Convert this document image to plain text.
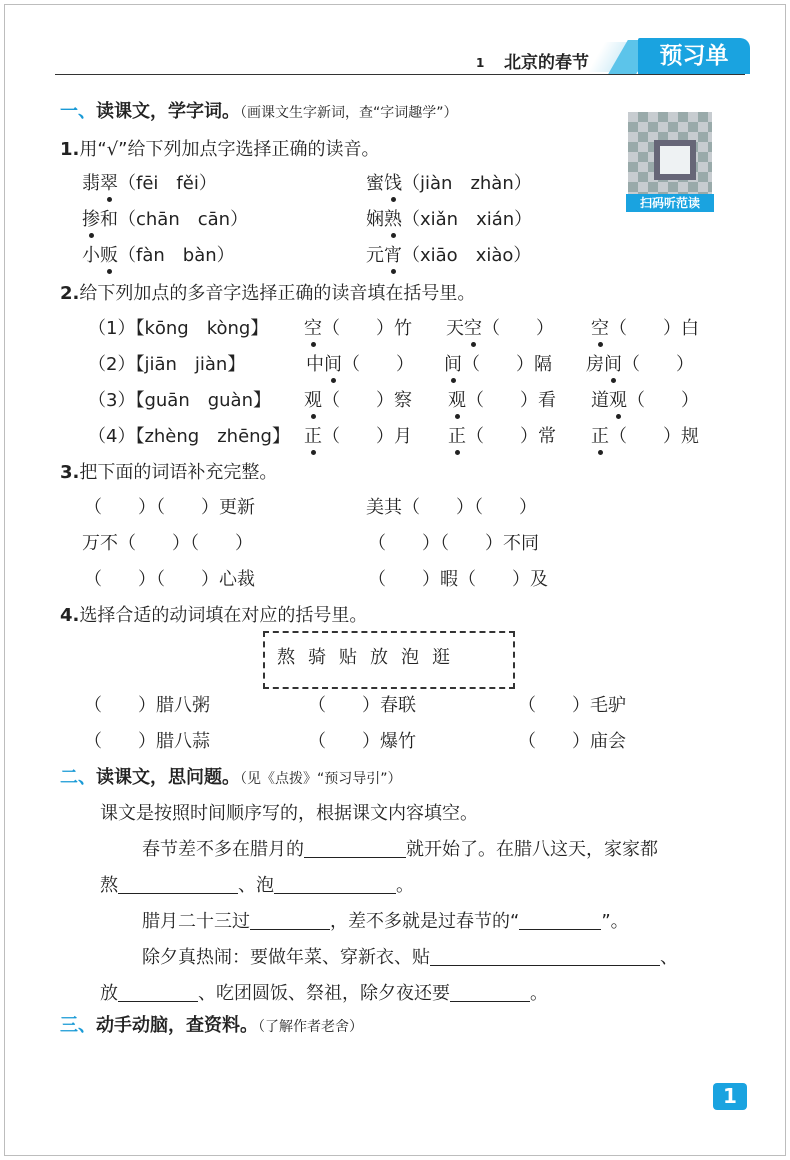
1 北京的春节	预习单
扫码听范读
一、读课文，学字词。（画课文生字新词，查“字词趣学”）
1.用“√”给下列加点字选择正确的读音。
翡翠（fēi　fěi）	蜜饯（jiàn　zhàn）
掺和（chān　cān）	娴熟（xiǎn　xián）
小贩（fàn　bàn）	元宵（xiāo　xiào）
2.给下列加点的多音字选择正确的读音填在括号里。
（1）【kōng　kòng】 空（　　）竹 天空（　　） 空（　　）白
（2）【jiān　jiàn】	中间（　　） 间（　　）隔 房间（　　）
（3）【guān　guàn】 观（　　）察 观（　　）看 道观（　　）
（4）【zhèng　zhēng】 正（　　）月 正（　　）常 正（　　）规
3.把下面的词语补充完整。
（　　）（　　）更新	美其（　　）（　　）
万不（　　）（　　）	（　　）（　　）不同
（　　）（　　）心裁	（　　）暇（　　）及
4.选择合适的动词填在对应的括号里。
熬骑贴放泡逛
（　　）腊八粥	（　　）春联	（　　）毛驴
（　　）腊八蒜	（　　）爆竹	（　　）庙会
二、读课文，思问题。（见《点拨》“预习导引”）
课文是按照时间顺序写的，根据课文内容填空。
春节差不多在腊月的	就开始了。在腊八这天，家家都
熬	、泡	。
腊月二十三过	，差不多就是过春节的“	”。
除夕真热闹：要做年菜、穿新衣、贴	、
放	、吃团圆饭、祭祖，除夕夜还要	。
三、动手动脑，查资料。（了解作者老舍）
1
